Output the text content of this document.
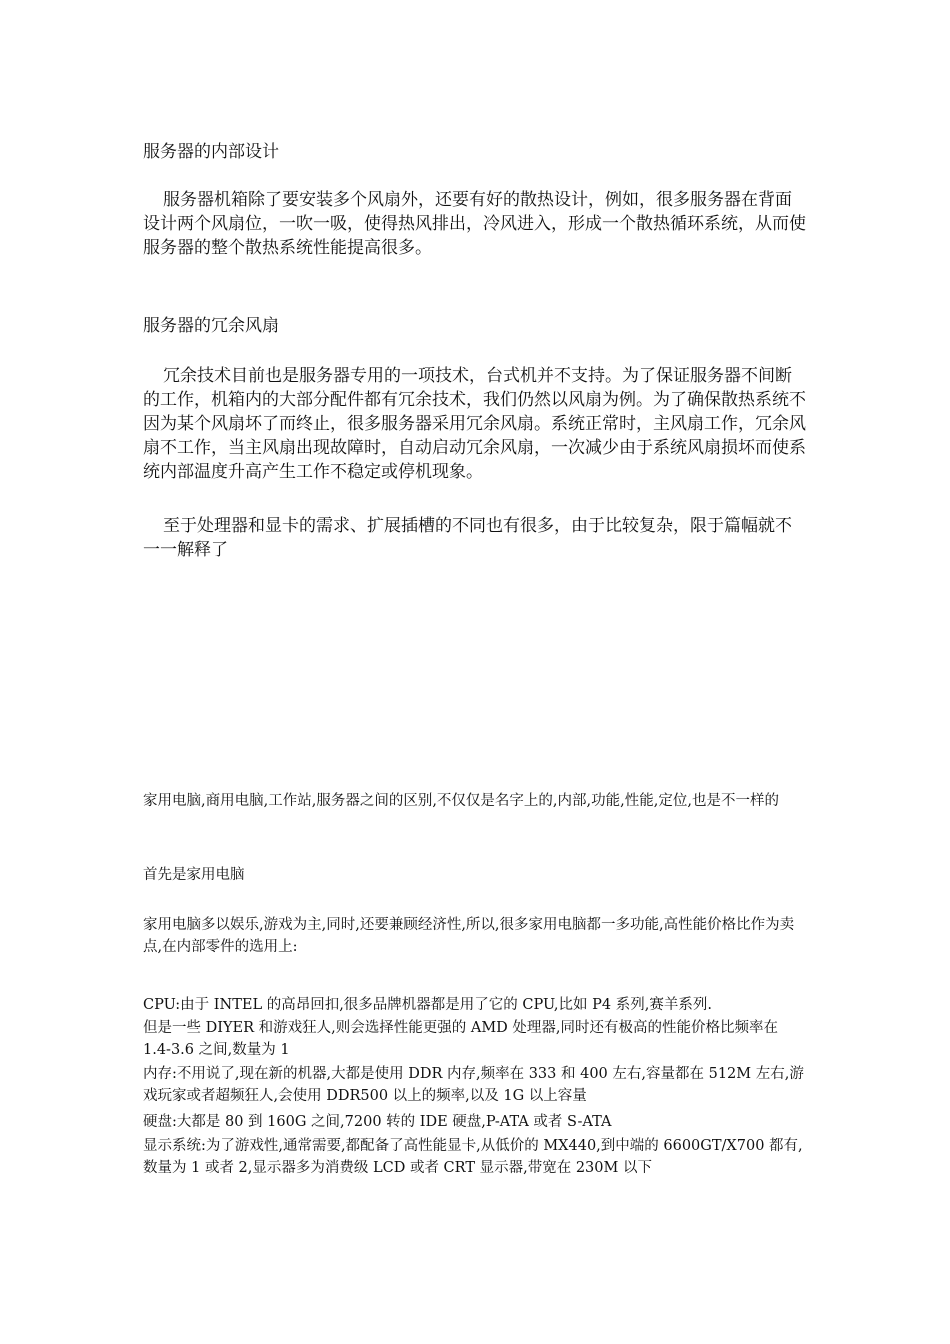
服务器的内部设计

服务器机箱除了要安装多个风扇外，还要有好的散热设计，例如，很多服务器在背面设计两个风扇位，一吹一吸，使得热风排出，冷风进入，形成一个散热循环系统，从而使服务器的整个散热系统性能提高很多。

服务器的冗余风扇

冗余技术目前也是服务器专用的一项技术，台式机并不支持。为了保证服务器不间断的工作，机箱内的大部分配件都有冗余技术，我们仍然以风扇为例。为了确保散热系统不因为某个风扇坏了而终止，很多服务器采用冗余风扇。系统正常时，主风扇工作，冗余风扇不工作，当主风扇出现故障时，自动启动冗余风扇，一次减少由于系统风扇损坏而使系统内部温度升高产生工作不稳定或停机现象。

至于处理器和显卡的需求、扩展插槽的不同也有很多，由于比较复杂，限于篇幅就不一一解释了

家用电脑,商用电脑,工作站,服务器之间的区别,不仅仅是名字上的,内部,功能,性能,定位,也是不一样的

首先是家用电脑

家用电脑多以娱乐,游戏为主,同时,还要兼顾经济性,所以,很多家用电脑都一多功能,高性能价格比作为卖点,在内部零件的选用上:

CPU:由于 INTEL 的高昂回扣,很多品牌机器都是用了它的 CPU,比如 P4 系列,赛羊系列.

但是一些 DIYER 和游戏狂人,则会选择性能更强的 AMD 处理器,同时还有极高的性能价格比频率在 1.4-3.6 之间,数量为 1

内存:不用说了,现在新的机器,大都是使用 DDR 内存,频率在 333 和 400 左右,容量都在 512M 左右,游戏玩家或者超频狂人,会使用 DDR500 以上的频率,以及 1G 以上容量

硬盘:大都是 80 到 160G 之间,7200 转的 IDE 硬盘,P-ATA 或者 S-ATA

显示系统:为了游戏性,通常需要,都配备了高性能显卡,从低价的 MX440,到中端的 6600GT/X700 都有,数量为 1 或者 2,显示器多为消费级 LCD 或者 CRT 显示器,带宽在 230M 以下
